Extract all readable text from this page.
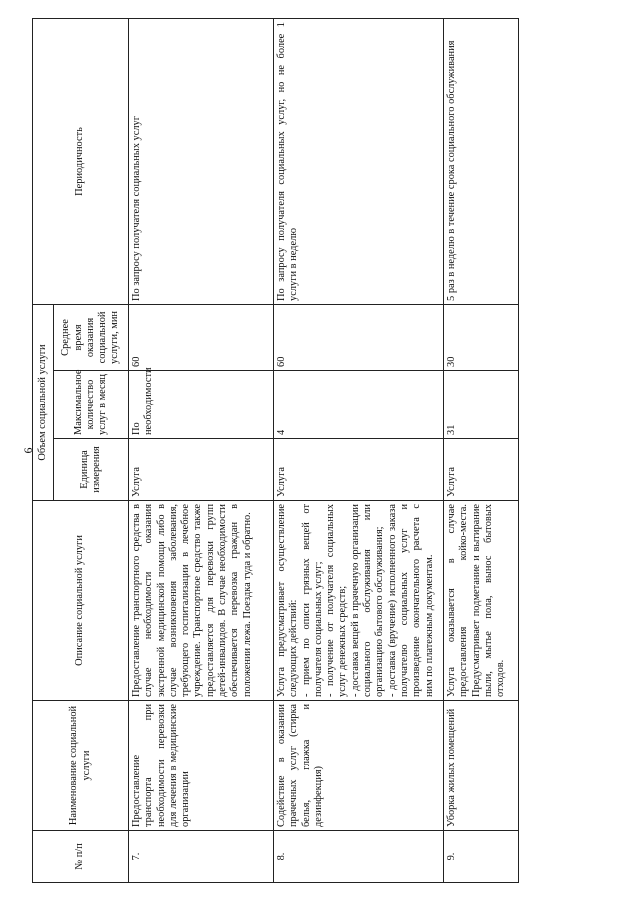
6
№ п/п	Наименование социальной услуги	Описание социальной услуги	Объем социальной услуги			Периодичность
			Единица измерения	Максимальное количество услуг в месяц	Среднее время оказания социальной услуги, мин	
7.	Предоставление транспорта при необходимости перевозки для лечения в медицинские организации	Предоставление транспортного средства в случае необходимости оказания экстренной медицинской помощи либо в случае возникновения заболевания, требующего госпитализации в лечебное учреждение. Транспортное средство также предоставляется для перевозки групп детей-инвалидов. В случае необходимости обеспечивается перевозка граждан в положении лежа. Поездка туда и обратно.	Услуга	По необходимости	60	По запросу получателя социальных услуг
8.	Содействие в оказании прачечных услуг (стирка белья, глажка и дезинфекция)	Услуга предусматривает осуществление следующих действий: - прием по описи грязных вещей от получателя социальных услуг; - получение от получателя социальных услуг денежных средств; - доставка вещей в прачечную организации социального обслуживания или организацию бытового обслуживания; - доставка (вручение) исполненного заказа получателю социальных услуг и произведение окончательного расчета с ним по платежным документам.	Услуга	4	60	По запросу получателя социальных услуг, но не более 1 услуги в неделю
9.	Уборка жилых помещений	Услуга оказывается в случае предоставления койко-места. Предусматривает подметание и вытирание пыли, мытье пола, вынос бытовых отходов.	Услуга	31	30	5 раз в неделю в течение срока социального обслуживания
